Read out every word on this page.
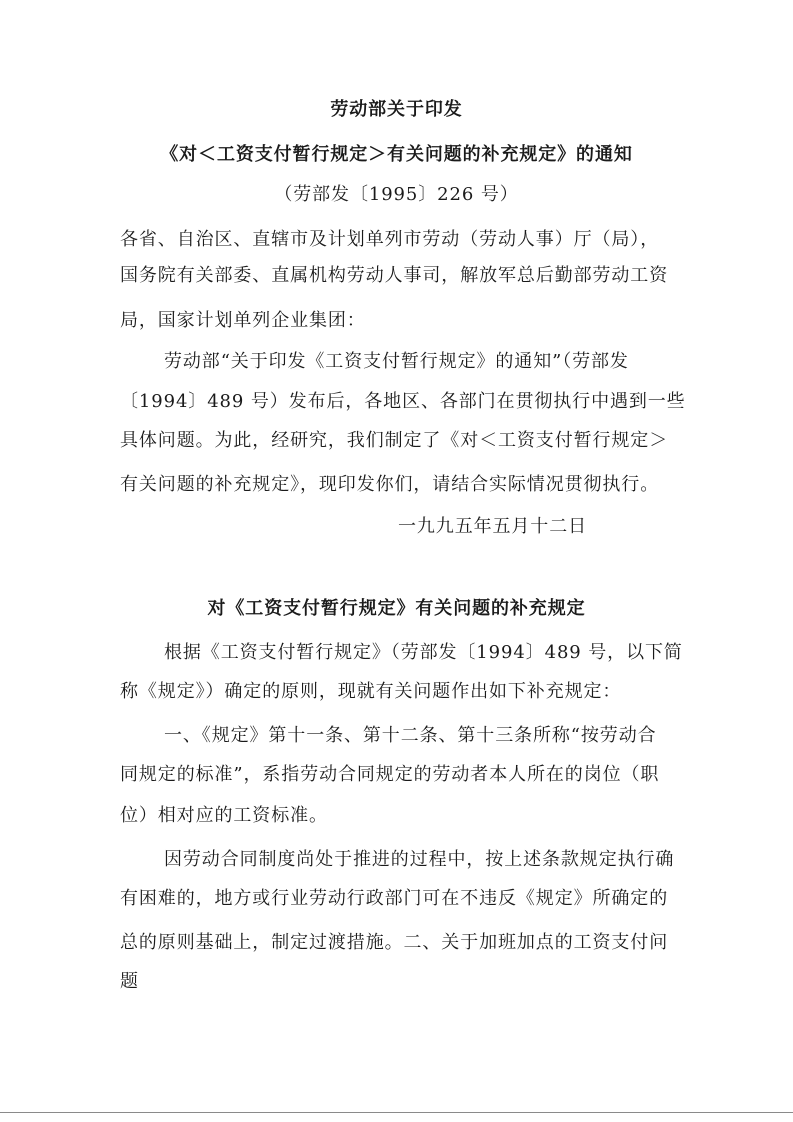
劳动部关于印发
《对＜工资支付暂行规定＞有关问题的补充规定》的通知
（劳部发〔1995〕226 号）
各省、自治区、直辖市及计划单列市劳动（劳动人事）厅（局），
国务院有关部委、直属机构劳动人事司，解放军总后勤部劳动工资
局，国家计划单列企业集团：
劳动部“关于印发《工资支付暂行规定》的通知”（劳部发
〔1994〕489 号）发布后，各地区、各部门在贯彻执行中遇到一些
具体问题。为此，经研究，我们制定了《对＜工资支付暂行规定＞
有关问题的补充规定》，现印发你们，请结合实际情况贯彻执行。
一九九五年五月十二日
对《工资支付暂行规定》有关问题的补充规定
根据《工资支付暂行规定》（劳部发〔1994〕489 号，以下简
称《规定》）确定的原则，现就有关问题作出如下补充规定：
一、《规定》第十一条、第十二条、第十三条所称“按劳动合
同规定的标准”，系指劳动合同规定的劳动者本人所在的岗位（职
位）相对应的工资标准。
因劳动合同制度尚处于推进的过程中，按上述条款规定执行确
有困难的，地方或行业劳动行政部门可在不违反《规定》所确定的
总的原则基础上，制定过渡措施。二、关于加班加点的工资支付问
题
